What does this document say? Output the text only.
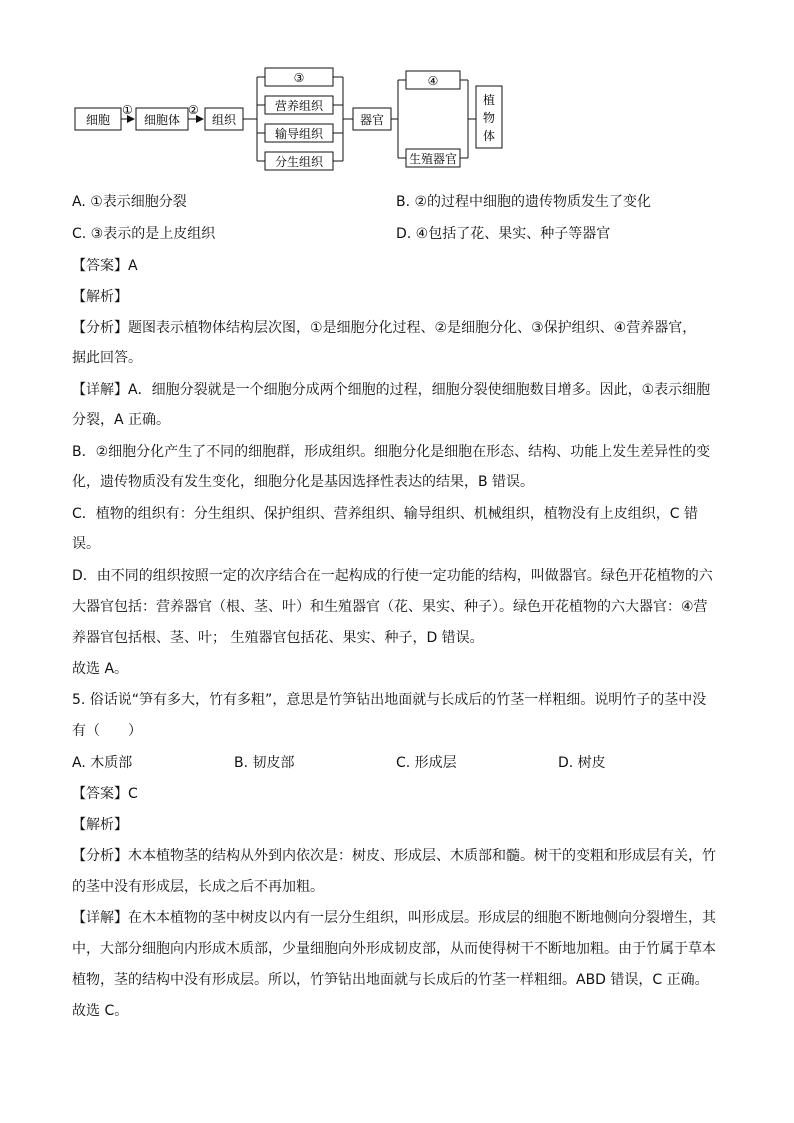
细胞
①
细胞体
②
组织
③
营养组织
输导组织
分生组织
器官
④
生殖器官
植
物
体
A. ①表示细胞分裂	B. ②的过程中细胞的遗传物质发生了变化
C. ③表示的是上皮组织	D. ④包括了花、果实、种子等器官
【答案】A
【解析】
【分析】题图表示植物体结构层次图，①是细胞分化过程、②是细胞分化、③保护组织、④营养器官，
据此回答。
【详解】A．细胞分裂就是一个细胞分成两个细胞的过程，细胞分裂使细胞数目增多。因此，①表示细胞
分裂，A 正确。
B．②细胞分化产生了不同的细胞群，形成组织。细胞分化是细胞在形态、结构、功能上发生差异性的变
化，遗传物质没有发生变化，细胞分化是基因选择性表达的结果，B 错误。
C．植物的组织有：分生组织、保护组织、营养组织、输导组织、机械组织，植物没有上皮组织，C 错
误。
D．由不同的组织按照一定的次序结合在一起构成的行使一定功能的结构，叫做器官。绿色开花植物的六
大器官包括：营养器官（根、茎、叶）和生殖器官（花、果实、种子）。绿色开花植物的六大器官：④营
养器官包括根、茎、叶； 生殖器官包括花、果实、种子，D 错误。
故选 A。
5. 俗话说“笋有多大，竹有多粗”，意思是竹笋钻出地面就与长成后的竹茎一样粗细。说明竹子的茎中没
有（　　）
A. 木质部	B. 韧皮部	C. 形成层	D. 树皮
【答案】C
【解析】
【分析】木本植物茎的结构从外到内依次是：树皮、形成层、木质部和髓。树干的变粗和形成层有关，竹
的茎中没有形成层，长成之后不再加粗。
【详解】在木本植物的茎中树皮以内有一层分生组织，叫形成层。形成层的细胞不断地侧向分裂增生，其
中，大部分细胞向内形成木质部，少量细胞向外形成韧皮部，从而使得树干不断地加粗。由于竹属于草本
植物，茎的结构中没有形成层。所以，竹笋钻出地面就与长成后的竹茎一样粗细。ABD 错误，C 正确。
故选 C。
